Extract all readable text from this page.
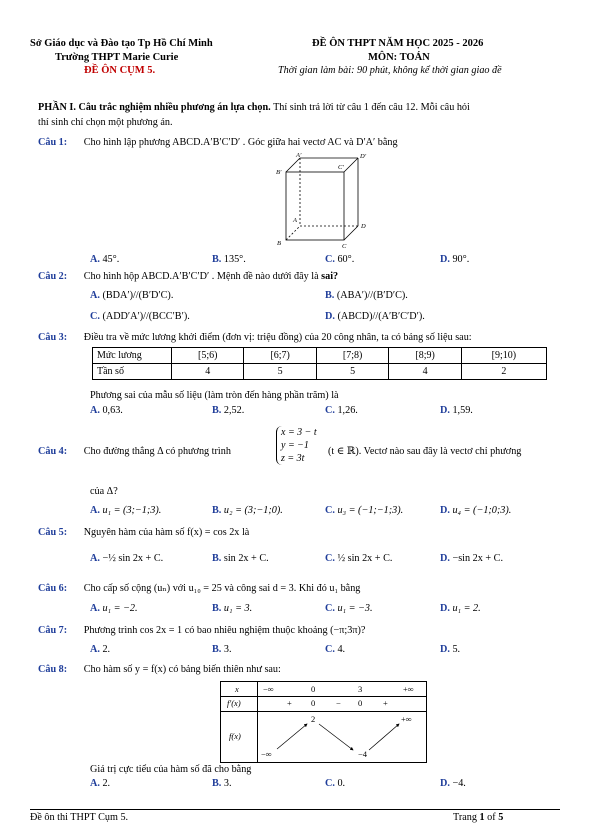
Sở Giáo dục và Đào tạo Tp Hồ Chí Minh
Trường THPT Marie Curie
ĐỀ ÔN CỤM 5.
ĐỀ ÔN THPT NĂM HỌC 2025 - 2026
MÔN: TOÁN
Thời gian làm bài: 90 phút, không kể thời gian giao đề
PHẦN I. Câu trắc nghiệm nhiều phương án lựa chọn. Thí sinh trả lời từ câu 1 đến câu 12. Mỗi câu hỏi
thí sinh chỉ chọn một phương án.
Câu 1: Cho hình lập phương ABCD.A′B′C′D′ . Góc giữa hai vectơ AC và D′A′ bằng
A′	D′
B′
C′
A
D
B	C
A. 45°.	B. 135°.	C. 60°.	D. 90°.
Câu 2: Cho hình hộp ABCD.A′B′C′D′ . Mệnh đề nào dưới đây là sai?
A. (BDA′)//(B′D′C).	B. (ABA′)//(B′D′C).
C. (ADD′A′)//(BCC′B′).	D. (ABCD)//(A′B′C′D′).
Câu 3: Điều tra về mức lương khởi điểm (đơn vị: triệu đồng) của 20 công nhân, ta có bảng số liệu sau:
Mức lương	[5;6)	[6;7)	[7;8)	[8;9)	[9;10)
Tần số	4	5	5	4	2
Phương sai của mẫu số liệu (làm tròn đến hàng phần trăm) là
A. 0,63.	B. 2,52.	C. 1,26.	D. 1,59.
Câu 4: Cho đường thẳng Δ có phương trình
x = 3 − t
y = −1
z = 3t
(t ∈ ℝ). Vectơ nào sau đây là vectơ chỉ phương
của Δ?
A. u₁ = (3;−1;3).	B. u₂ = (3;−1;0).	C. u₃ = (−1;−1;3).	D. u₄ = (−1;0;3).
Câu 5: Nguyên hàm của hàm số f(x) = cos 2x là
A. −½ sin 2x + C.	B. sin 2x + C.	C. ½ sin 2x + C.	D. −sin 2x + C.
Câu 6: Cho cấp số cộng (uₙ) với u₁₀ = 25 và công sai d = 3. Khi đó u₁ bằng
A. u₁ = −2.	B. u₁ = 3.	C. u₁ = −3.	D. u₁ = 2.
Câu 7: Phương trình cos 2x = 1 có bao nhiêu nghiệm thuộc khoảng (−π;3π)?
A. 2.	B. 3.	C. 4.	D. 5.
Câu 8: Cho hàm số y = f(x) có bảng biến thiên như sau:
x	−∞	0	3	+∞
f′(x)	+ 0 − 0 +
f(x)
2	+∞
−∞	−4
Giá trị cực tiểu của hàm số đã cho bằng
A. 2.	B. 3.	C. 0.	D. −4.
Đề ôn thi THPT Cụm 5.	Trang 1 of 5
